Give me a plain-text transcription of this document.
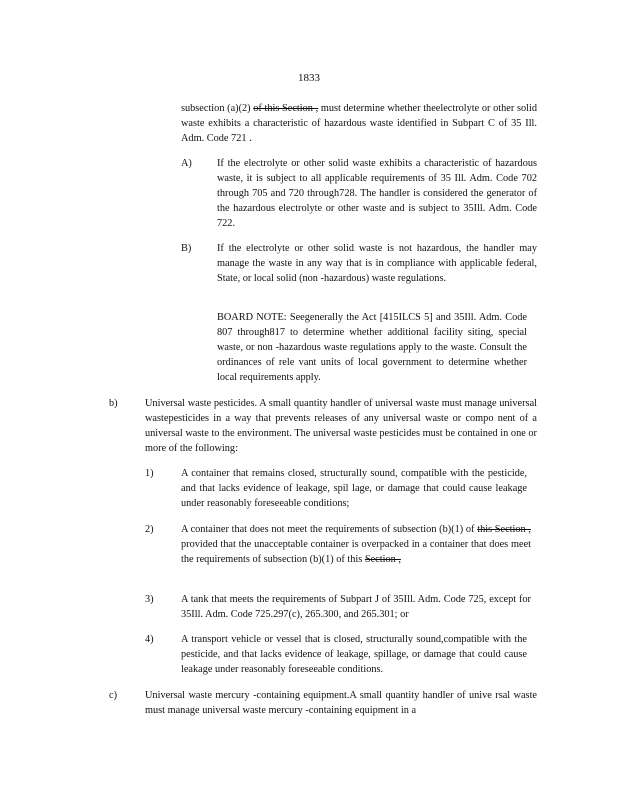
1833

subsection (a)(2) of this Section , must determine whether theelectrolyte or other solid waste exhibits a characteristic of hazardous waste identified in Subpart C of 35 Ill. Adm. Code 721 .

A) If the electrolyte or other solid waste exhibits a characteristic of hazardous waste, it is subject to all applicable requirements of 35 Ill. Adm. Code 702 through 705 and 720 through728. The handler is considered the generator of the hazardous electrolyte or other waste and is subject to 35Ill. Adm. Code 722.

B) If the electrolyte or other solid waste is not hazardous, the handler may manage the waste in any way that is in compliance with applicable federal, State, or local solid (non -hazardous) waste regulations.

BOARD NOTE: Seegenerally the Act [415ILCS 5] and 35Ill. Adm. Code 807 through817 to determine whether additional facility siting, special waste, or non -hazardous waste regulations apply to the waste. Consult the ordinances of rele vant units of local government to determine whether local requirements apply.

b)	Universal waste pesticides. A small quantity handler of universal waste must manage universal wastepesticides in a way that prevents releases of any universal waste or compo nent of a universal waste to the environment. The universal waste pesticides must be contained in one or more of the following:

1)	A container that remains closed, structurally sound, compatible with the pesticide, and that lacks evidence of leakage, spil lage, or damage that could cause leakage under reasonably foreseeable conditions;

2)	A container that does not meet the requirements of subsection (b)(1) of this Section , provided that the unacceptable container is overpacked in a container that does meet the requirements of subsection (b)(1) of this Section ,

3)	A tank that meets the requirements of Subpart J of 35Ill. Adm. Code 725, except for 35Ill. Adm. Code 725.297(c), 265.300, and 265.301; or

4)	A transport vehicle or vessel that is closed, structurally sound,compatible with the pesticide, and that lacks evidence of leakage, spillage, or damage that could cause leakage under reasonably foreseeable conditions.

c)	Universal waste mercury -containing equipment.A small quantity handler of unive rsal waste must manage universal waste mercury -containing equipment in a
